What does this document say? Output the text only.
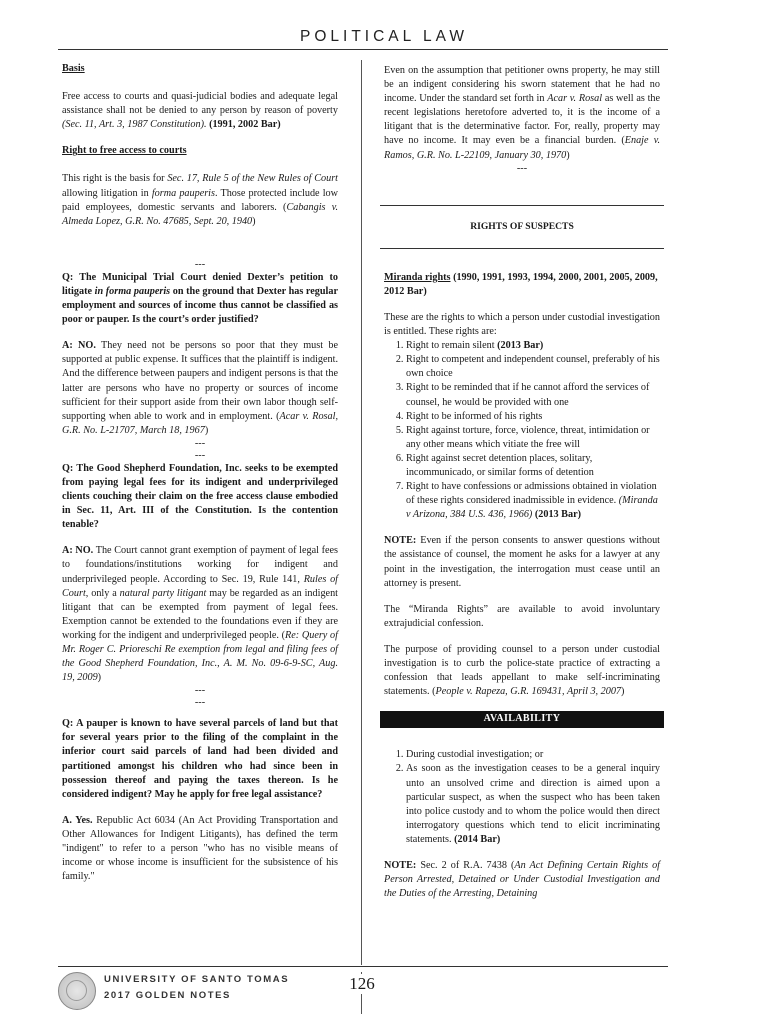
POLITICAL LAW
Basis

Free access to courts and quasi-judicial bodies and adequate legal assistance shall not be denied to any person by reason of poverty (Sec. 11, Art. 3, 1987 Constitution). (1991, 2002 Bar)

Right to free access to courts

This right is the basis for Sec. 17, Rule 5 of the New Rules of Court allowing litigation in forma pauperis. Those protected include low paid employees, domestic servants and laborers. (Cabangis v. Almeda Lopez, G.R. No. 47685, Sept. 20, 1940)

---

Q: The Municipal Trial Court denied Dexter’s petition to litigate in forma pauperis on the ground that Dexter has regular employment and sources of income thus cannot be classified as poor or pauper. Is the court’s order justified?

A: NO. They need not be persons so poor that they must be supported at public expense. It suffices that the plaintiff is indigent. And the difference between paupers and indigent persons is that the latter are persons who have no property or sources of income sufficient for their support aside from their own labor though self-supporting when able to work and in employment. (Acar v. Rosal, G.R. No. L-21707, March 18, 1967)

---
---

Q: The Good Shepherd Foundation, Inc. seeks to be exempted from paying legal fees for its indigent and underprivileged clients couching their claim on the free access clause embodied in Sec. 11, Art. III of the Constitution. Is the contention tenable?

A: NO. The Court cannot grant exemption of payment of legal fees to foundations/institutions working for indigent and underprivileged people. According to Sec. 19, Rule 141, Rules of Court, only a natural party litigant may be regarded as an indigent litigant that can be exempted from payment of legal fees. Exemption cannot be extended to the foundations even if they are working for the indigent and underprivileged people. (Re: Query of Mr. Roger C. Prioreschi Re exemption from legal and filing fees of the Good Shepherd Foundation, Inc., A. M. No. 09-6-9-SC, Aug. 19, 2009)

---
---

Q: A pauper is known to have several parcels of land but that for several years prior to the filing of the complaint in the inferior court said parcels of land had been divided and partitioned amongst his children who had since been in possession thereof and paying the taxes thereon. Is he considered indigent? May he apply for free legal assistance?

A. Yes. Republic Act 6034 (An Act Providing Transportation and Other Allowances for Indigent Litigants), has defined the term "indigent" to refer to a person "who has no visible means of income or whose income is insufficient for the subsistence of his family."

Even on the assumption that petitioner owns property, he may still be an indigent considering his sworn statement that he had no income. Under the standard set forth in Acar v. Rosal as well as the recent legislations heretofore adverted to, it is the income of a litigant that is the determinative factor. For, really, property may have no income. It may even be a financial burden. (Enaje v. Ramos, G.R. No. L-22109, January 30, 1970)

---
RIGHTS OF SUSPECTS

Miranda rights (1990, 1991, 1993, 1994, 2000, 2001, 2005, 2009, 2012 Bar)

These are the rights to which a person under custodial investigation is entitled. These rights are:

1. Right to remain silent (2013 Bar)
2. Right to competent and independent counsel, preferably of his own choice
3. Right to be reminded that if he cannot afford the services of counsel, he would be provided with one
4. Right to be informed of his rights
5. Right against torture, force, violence, threat, intimidation or any other means which vitiate the free will
6. Right against secret detention places, solitary, incommunicado, or similar forms of detention
7. Right to have confessions or admissions obtained in violation of these rights considered inadmissible in evidence. (Miranda v Arizona, 384 U.S. 436, 1966) (2013 Bar)

NOTE: Even if the person consents to answer questions without the assistance of counsel, the moment he asks for a lawyer at any point in the investigation, the interrogation must cease until an attorney is present.

The “Miranda Rights” are available to avoid involuntary extrajudicial confession.

The purpose of providing counsel to a person under custodial investigation is to curb the police-state practice of extracting a confession that leads appellant to make self-incriminating statements. (People v. Rapeza, G.R. 169431, April 3, 2007)

AVAILABILITY
1. During custodial investigation; or
2. As soon as the investigation ceases to be a general inquiry unto an unsolved crime and direction is aimed upon a particular suspect, as when the suspect who has been taken into police custody and to whom the police would then direct interrogatory questions which tend to elicit incriminating statements. (2014 Bar)

NOTE: Sec. 2 of R.A. 7438 (An Act Defining Certain Rights of Person Arrested, Detained or Under Custodial Investigation and the Duties of the Arresting, Detaining

UNIVERSITY OF SANTO TOMAS
2017 GOLDEN NOTES
126
